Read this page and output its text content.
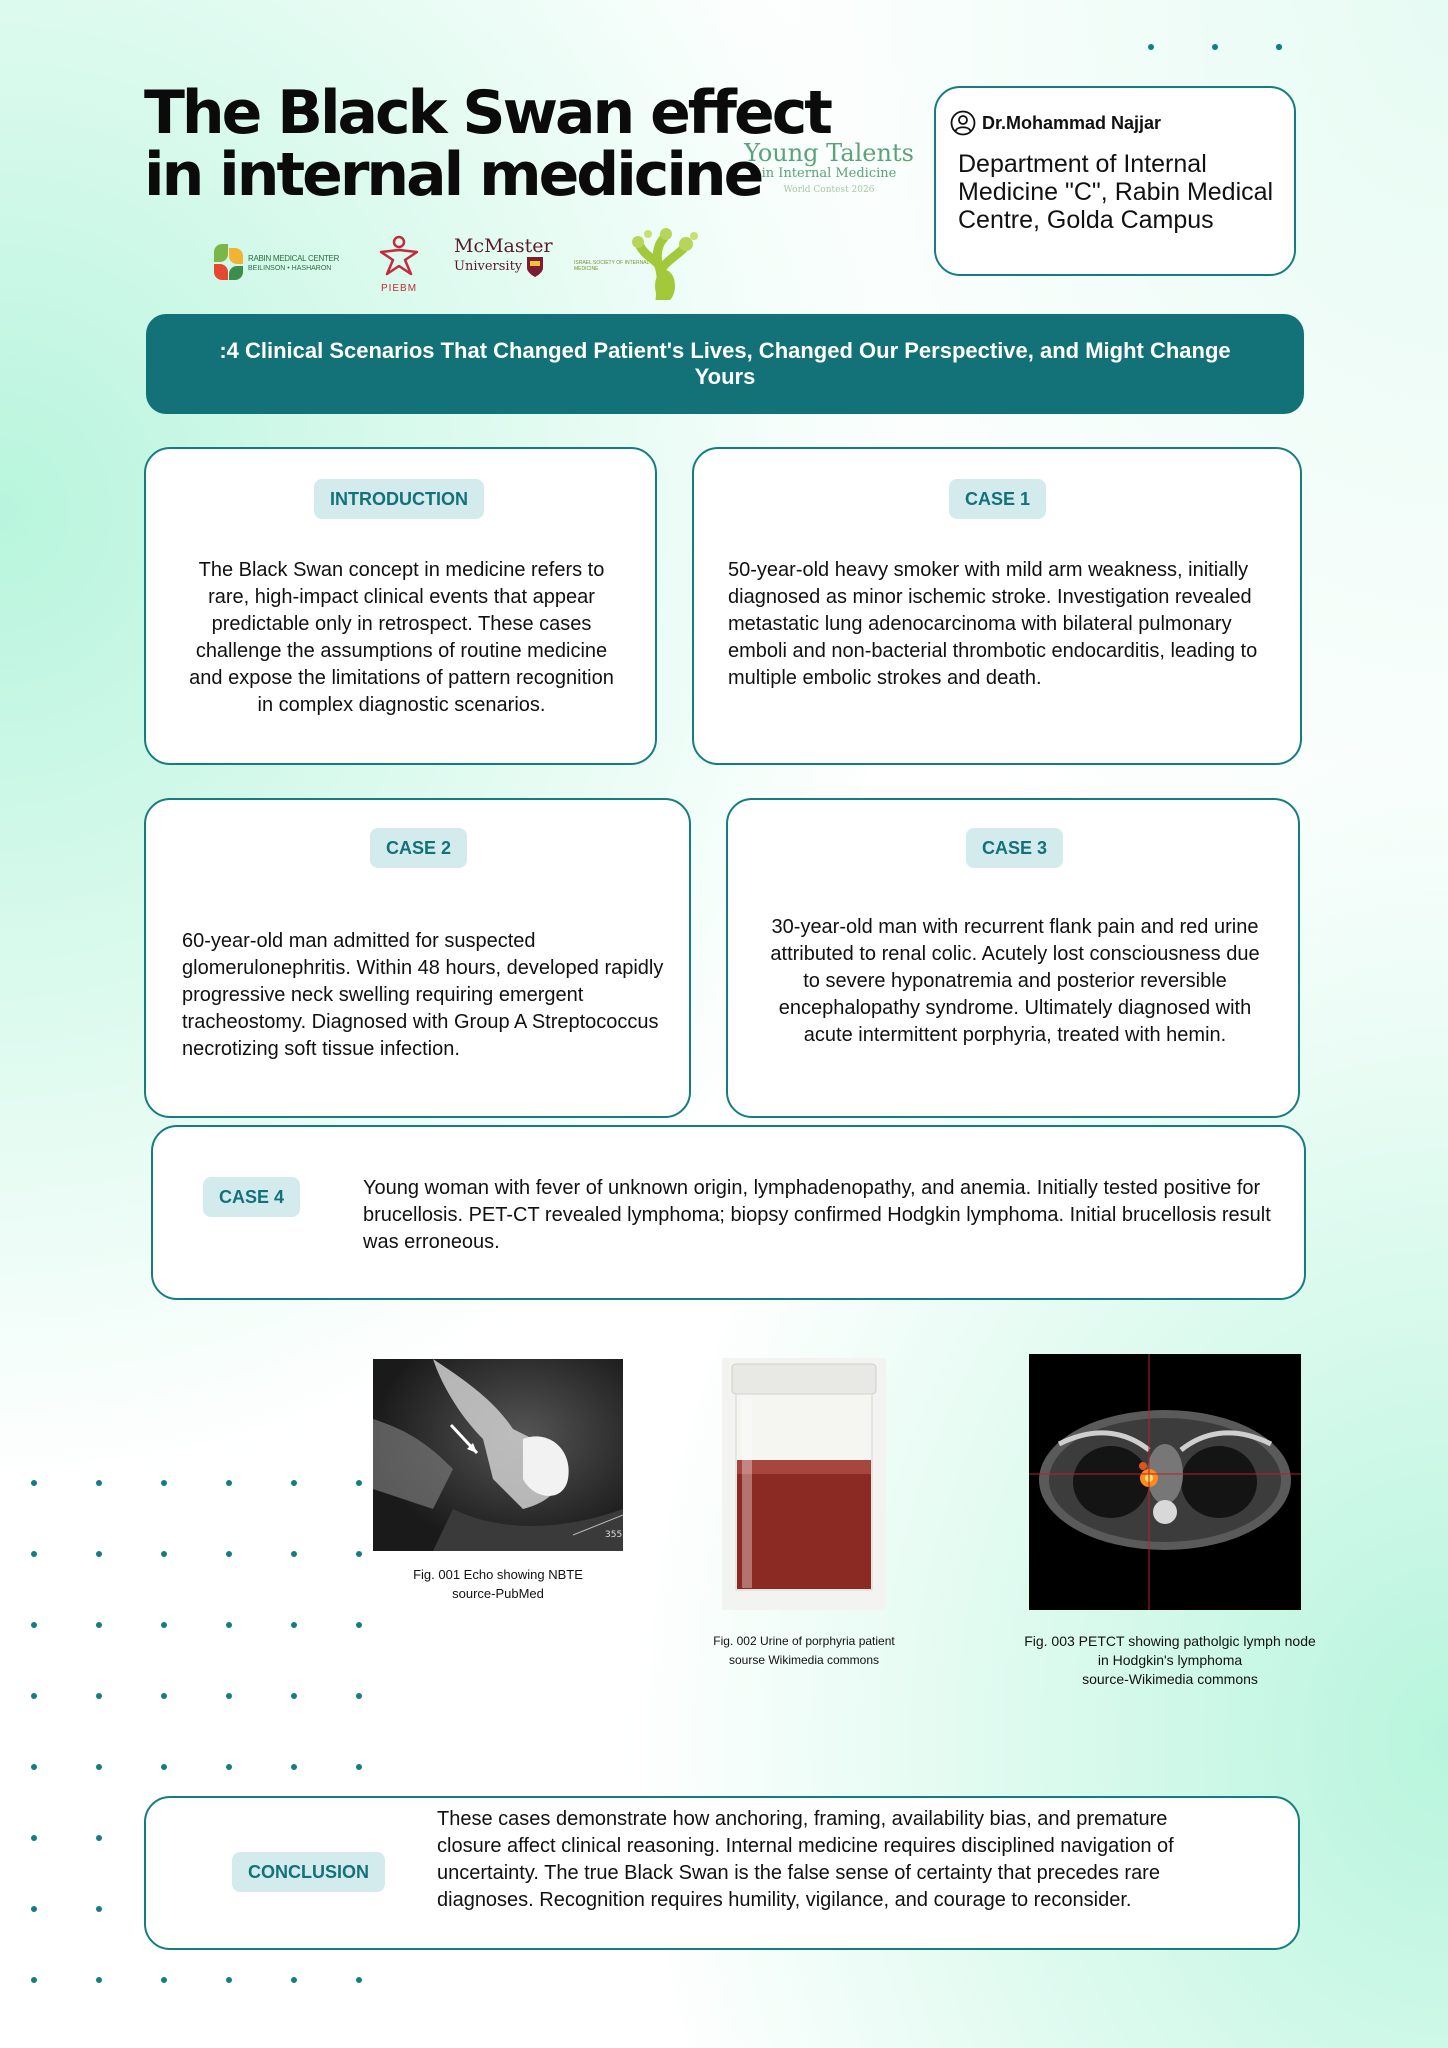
The Black Swan effect
in internal medicine
Young Talents
in Internal Medicine
World Contest 2026
Dr.Mohammad Najjar
Department of Internal Medicine "C", Rabin Medical Centre, Golda Campus
RABIN MEDICAL CENTER
BEILINSON • HASHARON
PIEBM
McMaster
University	ISRAEL SOCIETY OF INTERNAL MEDICINE
:4 Clinical Scenarios That Changed Patient's Lives, Changed Our Perspective, and Might Change Yours
INTRODUCTION
The Black Swan concept in medicine refers to rare, high-impact clinical events that appear predictable only in retrospect. These cases challenge the assumptions of routine medicine and expose the limitations of pattern recognition in complex diagnostic scenarios.
CASE 1
50-year-old heavy smoker with mild arm weakness, initially diagnosed as minor ischemic stroke. Investigation revealed metastatic lung adenocarcinoma with bilateral pulmonary emboli and non-bacterial thrombotic endocarditis, leading to multiple embolic strokes and death.
CASE 2
60-year-old man admitted for suspected glomerulonephritis. Within 48 hours, developed rapidly progressive neck swelling requiring emergent tracheostomy. Diagnosed with Group A Streptococcus necrotizing soft tissue infection.
CASE 3
30-year-old man with recurrent flank pain and red urine attributed to renal colic. Acutely lost consciousness due to severe hyponatremia and posterior reversible encephalopathy syndrome. Ultimately diagnosed with acute intermittent porphyria, treated with hemin.
CASE 4	Young woman with fever of unknown origin, lymphadenopathy, and anemia. Initially tested positive for brucellosis. PET-CT revealed lymphoma; biopsy confirmed Hodgkin lymphoma. Initial brucellosis result was erroneous.
355
Fig. 001 Echo showing NBTE
source-PubMed
Fig. 002 Urine of porphyria patient
sourse Wikimedia commons
Fig. 003 PETCT showing patholgic lymph node
in Hodgkin's lymphoma
source-Wikimedia commons
CONCLUSION
These cases demonstrate how anchoring, framing, availability bias, and premature closure affect clinical reasoning. Internal medicine requires disciplined navigation of uncertainty. The true Black Swan is the false sense of certainty that precedes rare diagnoses. Recognition requires humility, vigilance, and courage to reconsider.
